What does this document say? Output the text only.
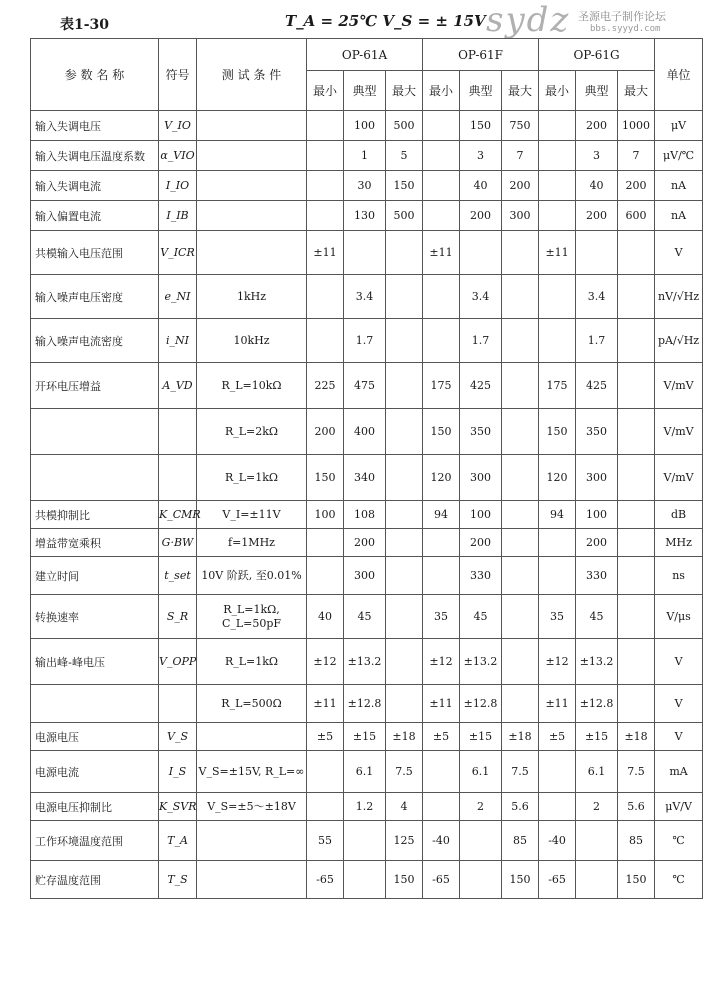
表1-30	T_A = 25℃ V_S = ± 15V sydz 圣源电子制作论坛
bbs.syyyd.com
参 数 名 称	符号	测 试 条 件	OP-61A			OP-61F			OP-61G			单位
			最小	典型	最大	最小	典型	最大	最小	典型	最大	
输入失调电压	V_IO			100	500		150	750		200	1000	μV
输入失调电压温度系数	α_VIO			1	5		3	7		3	7	μV/℃
输入失调电流	I_IO			30	150		40	200		40	200	nA
输入偏置电流	I_IB			130	500		200	300		200	600	nA
共模输入电压范围	V_ICR		±11			±11			±11			V
输入噪声电压密度	e_NI	1kHz		3.4			3.4			3.4		nV/√Hz
输入噪声电流密度	i_NI	10kHz		1.7			1.7			1.7		pA/√Hz
开环电压增益	A_VD	R_L=10kΩ	225	475		175	425		175	425		V/mV
		R_L=2kΩ	200	400		150	350		150	350		V/mV
		R_L=1kΩ	150	340		120	300		120	300		V/mV
共模抑制比	K_CMR	V_I=±11V	100	108		94	100		94	100		dB
增益带宽乘积	G·BW	f=1MHz		200			200			200		MHz
建立时间	t_set	10V 阶跃, 至0.01%		300			330			330		ns
转换速率	S_R	R_L=1kΩ, C_L=50pF	40	45		35	45		35	45		V/μs
输出峰-峰电压	V_OPP	R_L=1kΩ	±12	±13.2		±12	±13.2		±12	±13.2		V
		R_L=500Ω	±11	±12.8		±11	±12.8		±11	±12.8		V
电源电压	V_S		±5	±15	±18	±5	±15	±18	±5	±15	±18	V
电源电流	I_S	V_S=±15V, R_L=∞		6.1	7.5		6.1	7.5		6.1	7.5	mA
电源电压抑制比	K_SVR	V_S=±5～±18V		1.2	4		2	5.6		2	5.6	μV/V
工作环境温度范围	T_A		55		125	-40		85	-40		85	℃
贮存温度范围	T_S		-65		150	-65		150	-65		150	℃
